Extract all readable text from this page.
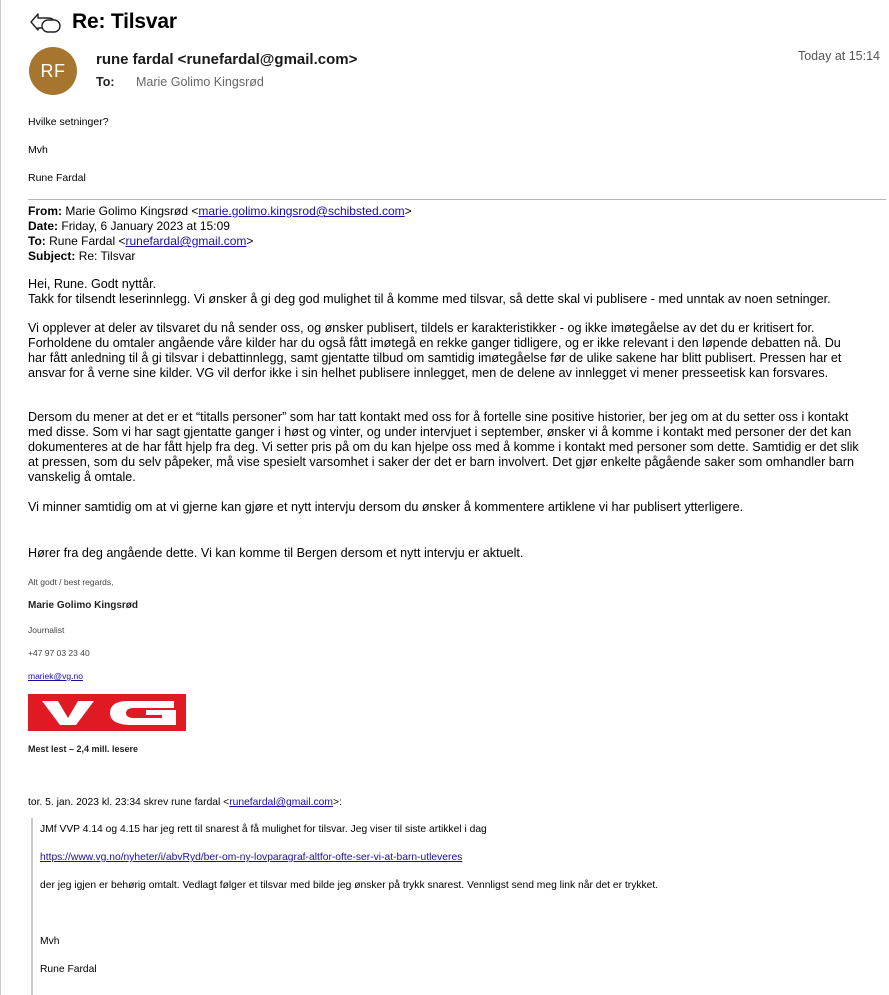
Re: Tilsvar
RF
rune fardal <runefardal@gmail.com>
To: Marie Golimo Kingsrød
Today at 15:14
Hvilke setninger?
Mvh
Rune Fardal
From: Marie Golimo Kingsrød <marie.golimo.kingsrod@schibsted.com>
Date: Friday, 6 January 2023 at 15:09
To: Rune Fardal <runefardal@gmail.com>
Subject: Re: Tilsvar
Hei, Rune. Godt nyttår.
Takk for tilsendt leserinnlegg. Vi ønsker å gi deg god mulighet til å komme med tilsvar, så dette skal vi publisere - med unntak av noen setninger.
Vi opplever at deler av tilsvaret du nå sender oss, og ønsker publisert, tildels er karakteristikker - og ikke imøtegåelse av det du er kritisert for.
Forholdene du omtaler angående våre kilder har du også fått imøtegå en rekke ganger tidligere, og er ikke relevant i den løpende debatten nå. Du
har fått anledning til å gi tilsvar i debattinnlegg, samt gjentatte tilbud om samtidig imøtegåelse før de ulike sakene har blitt publisert. Pressen har et
ansvar for å verne sine kilder. VG vil derfor ikke i sin helhet publisere innlegget, men de delene av innlegget vi mener presseetisk kan forsvares.
Dersom du mener at det er et “titalls personer” som har tatt kontakt med oss for å fortelle sine positive historier, ber jeg om at du setter oss i kontakt
med disse. Som vi har sagt gjentatte ganger i høst og vinter, og under intervjuet i september, ønsker vi å komme i kontakt med personer der det kan
dokumenteres at de har fått hjelp fra deg. Vi setter pris på om du kan hjelpe oss med å komme i kontakt med personer som dette. Samtidig er det slik
at pressen, som du selv påpeker, må vise spesielt varsomhet i saker der det er barn involvert. Det gjør enkelte pågående saker som omhandler barn
vanskelig å omtale.
Vi minner samtidig om at vi gjerne kan gjøre et nytt intervju dersom du ønsker å kommentere artiklene vi har publisert ytterligere.
Hører fra deg angående dette. Vi kan komme til Bergen dersom et nytt intervju er aktuelt.
Alt godt / best regards,
Marie Golimo Kingsrød
Journalist
+47 97 03 23 40
mariek@vg.no
Mest lest – 2,4 mill. lesere
tor. 5. jan. 2023 kl. 23:34 skrev rune fardal <runefardal@gmail.com>:
JMf VVP 4.14 og 4.15 har jeg rett til snarest å få mulighet for tilsvar. Jeg viser til siste artikkel i dag
https://www.vg.no/nyheter/i/abvRyd/ber-om-ny-lovparagraf-altfor-ofte-ser-vi-at-barn-utleveres
der jeg igjen er behørig omtalt. Vedlagt følger et tilsvar med bilde jeg ønsker på trykk snarest. Vennligst send meg link når det er trykket.
Mvh
Rune Fardal
